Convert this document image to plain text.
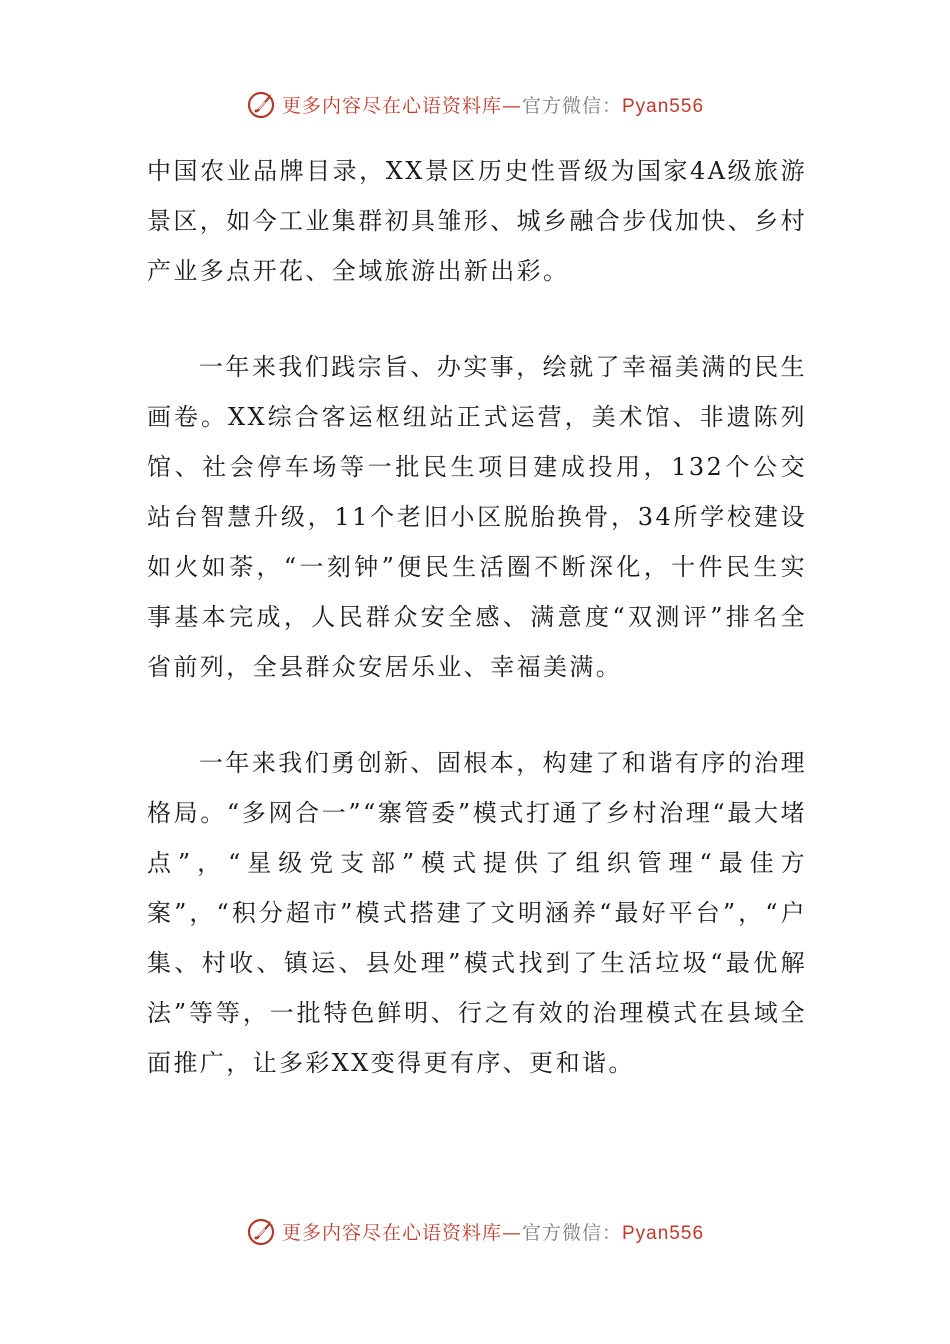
更多内容尽在心语资料库—官方微信：Pyan556

中国农业品牌目录，XX景区历史性晋级为国家4A级旅游景区，如今工业集群初具雏形、城乡融合步伐加快、乡村产业多点开花、全域旅游出新出彩。

一年来我们践宗旨、办实事，绘就了幸福美满的民生画卷。XX综合客运枢纽站正式运营，美术馆、非遗陈列馆、社会停车场等一批民生项目建成投用，132个公交站台智慧升级，11个老旧小区脱胎换骨，34所学校建设如火如荼，“一刻钟”便民生活圈不断深化，十件民生实事基本完成，人民群众安全感、满意度“双测评”排名全省前列，全县群众安居乐业、幸福美满。

一年来我们勇创新、固根本，构建了和谐有序的治理格局。“多网合一”“寨管委”模式打通了乡村治理“最大堵点”，“星级党支部”模式提供了组织管理“最佳方案”，“积分超市”模式搭建了文明涵养“最好平台”，“户集、村收、镇运、县处理”模式找到了生活垃圾“最优解法”等等，一批特色鲜明、行之有效的治理模式在县域全面推广，让多彩XX变得更有序、更和谐。

更多内容尽在心语资料库—官方微信：Pyan556
